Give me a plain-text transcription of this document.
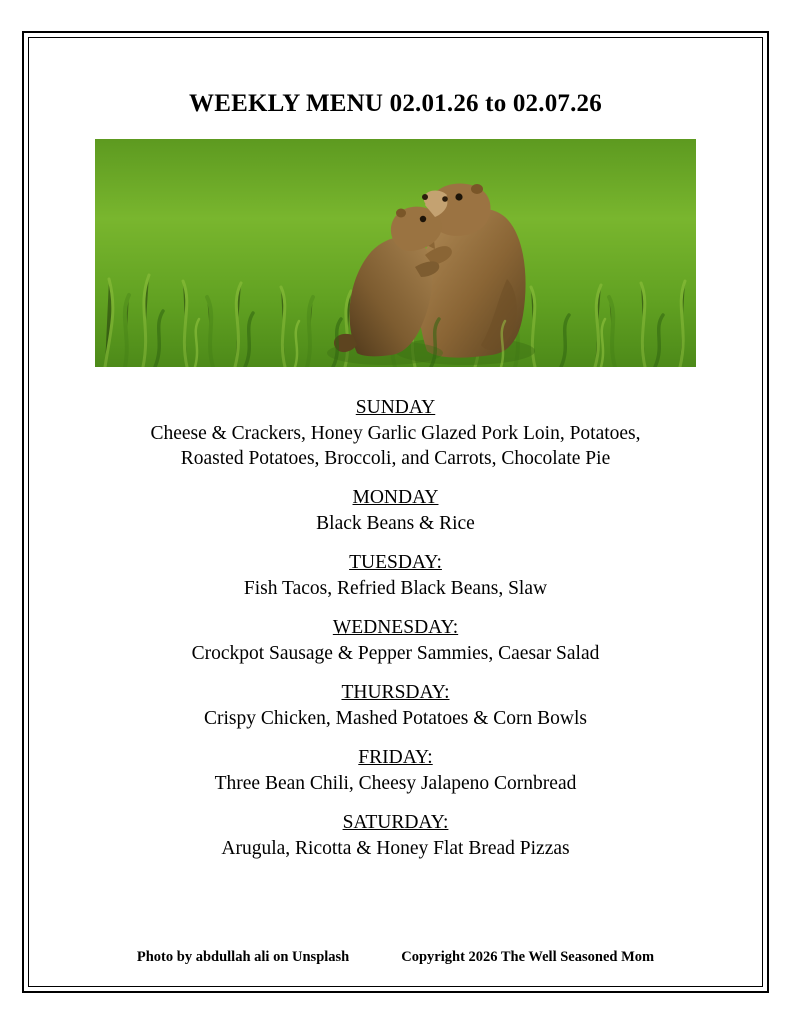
WEEKLY MENU 02.01.26 to 02.07.26
SUNDAY
Cheese & Crackers, Honey Garlic Glazed Pork Loin, Potatoes,
Roasted Potatoes, Broccoli, and Carrots, Chocolate Pie
MONDAY
Black Beans & Rice
TUESDAY:
Fish Tacos, Refried Black Beans, Slaw
WEDNESDAY:
Crockpot Sausage & Pepper Sammies, Caesar Salad
THURSDAY:
Crispy Chicken, Mashed Potatoes & Corn Bowls
FRIDAY:
Three Bean Chili, Cheesy Jalapeno Cornbread
SATURDAY:
Arugula, Ricotta & Honey Flat Bread Pizzas
Photo by abdullah ali on Unsplash	Copyright 2026 The Well Seasoned Mom
